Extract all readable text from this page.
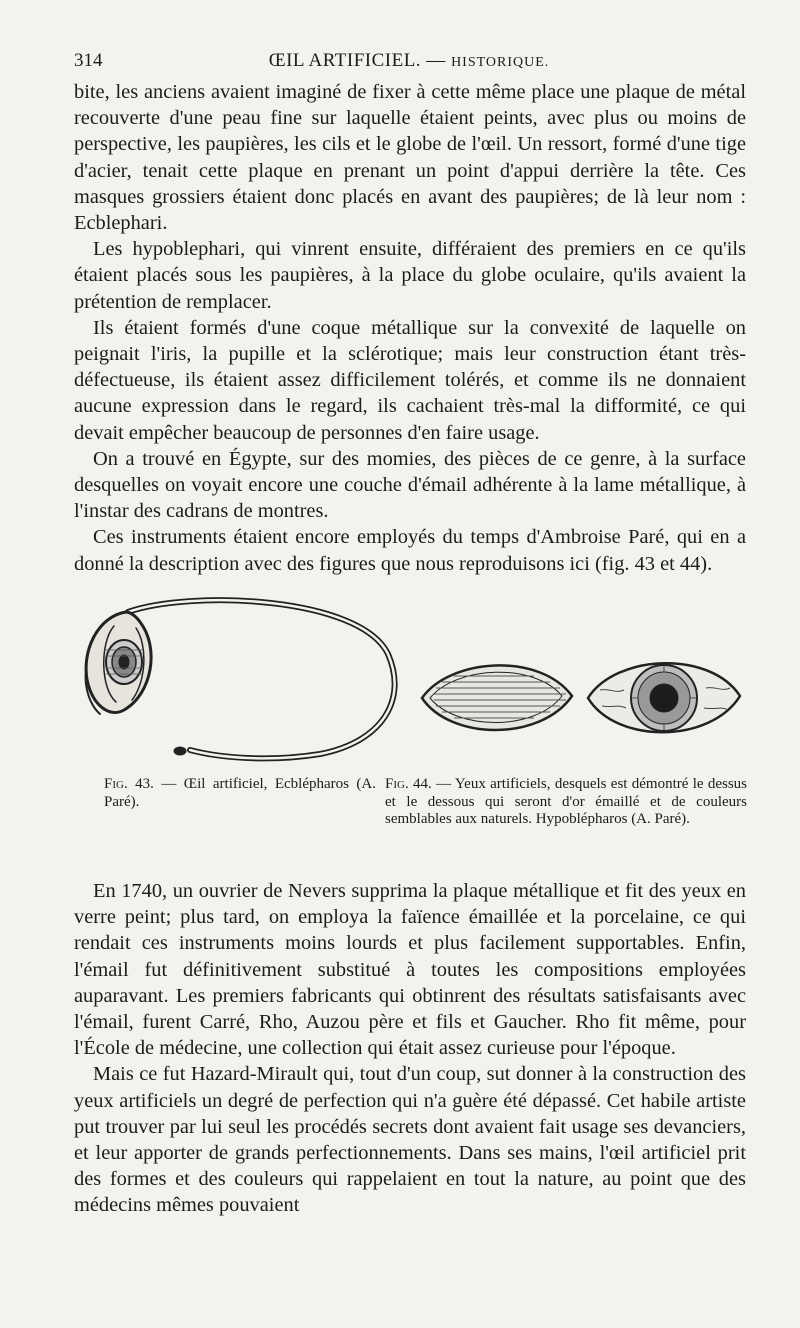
314	ŒIL ARTIFICIEL. — HISTORIQUE.

bite, les anciens avaient imaginé de fixer à cette même place une plaque de métal recouverte d'une peau fine sur laquelle étaient peints, avec plus ou moins de perspective, les paupières, les cils et le globe de l'œil. Un ressort, formé d'une tige d'acier, tenait cette plaque en prenant un point d'appui derrière la tête. Ces masques grossiers étaient donc placés en avant des paupières; de là leur nom : Ecblephari.

Les hypoblephari, qui vinrent ensuite, différaient des premiers en ce qu'ils étaient placés sous les paupières, à la place du globe oculaire, qu'ils avaient la prétention de remplacer.

Ils étaient formés d'une coque métallique sur la convexité de laquelle on peignait l'iris, la pupille et la sclérotique; mais leur construction étant très-défectueuse, ils étaient assez difficilement tolérés, et comme ils ne donnaient aucune expression dans le regard, ils cachaient très-mal la difformité, ce qui devait empêcher beaucoup de personnes d'en faire usage.

On a trouvé en Égypte, sur des momies, des pièces de ce genre, à la surface desquelles on voyait encore une couche d'émail adhérente à la lame métallique, à l'instar des cadrans de montres.

Ces instruments étaient encore employés du temps d'Ambroise Paré, qui en a donné la description avec des figures que nous reproduisons ici (fig. 43 et 44).

Fig. 43. — Œil artificiel, Ecblépharos (A. Paré).
Fig. 44. — Yeux artificiels, desquels est démontré le dessus et le dessous qui seront d'or émaillé et de couleurs semblables aux naturels. Hypoblépharos (A. Paré).

En 1740, un ouvrier de Nevers supprima la plaque métallique et fit des yeux en verre peint; plus tard, on employa la faïence émaillée et la porcelaine, ce qui rendait ces instruments moins lourds et plus facilement supportables. Enfin, l'émail fut définitivement substitué à toutes les compositions employées auparavant. Les premiers fabricants qui obtinrent des résultats satisfaisants avec l'émail, furent Carré, Rho, Auzou père et fils et Gaucher. Rho fit même, pour l'École de médecine, une collection qui était assez curieuse pour l'époque.

Mais ce fut Hazard-Mirault qui, tout d'un coup, sut donner à la construction des yeux artificiels un degré de perfection qui n'a guère été dépassé. Cet habile artiste put trouver par lui seul les procédés secrets dont avaient fait usage ses devanciers, et leur apporter de grands perfectionnements. Dans ses mains, l'œil artificiel prit des formes et des couleurs qui rappelaient en tout la nature, au point que des médecins mêmes pouvaient
